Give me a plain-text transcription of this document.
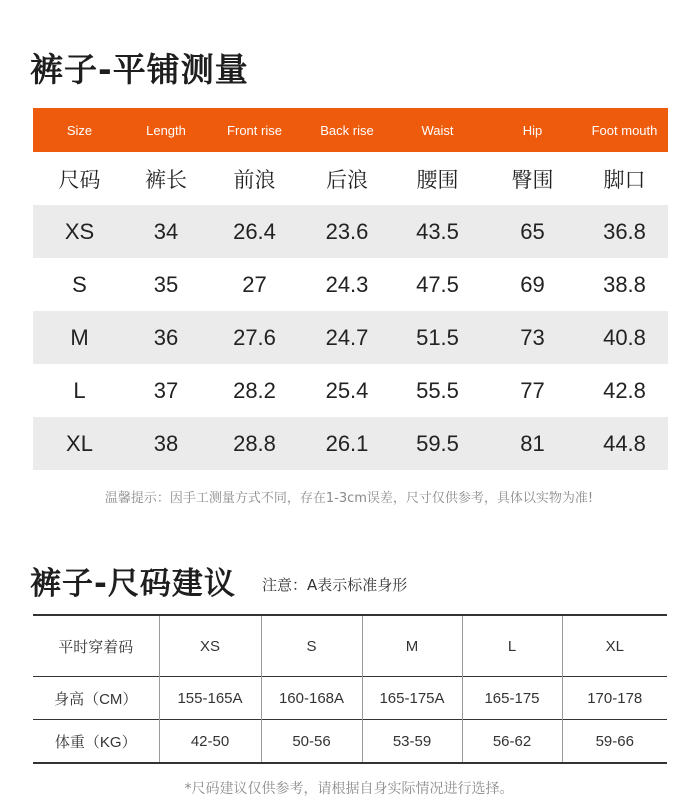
裤子-平铺测量
Size	Length	Front rise	Back rise	Waist	Hip	Foot mouth
尺码	裤长	前浪	后浪	腰围	臀围	脚口
XS	34	26.4	23.6	43.5	65	36.8
S	35	27	24.3	47.5	69	38.8
M	36	27.6	24.7	51.5	73	40.8
L	37	28.2	25.4	55.5	77	42.8
XL	38	28.8	26.1	59.5	81	44.8
温馨提示：因手工测量方式不同，存在1-3cm误差，尺寸仅供参考，具体以实物为准!
裤子-尺码建议 注意：A表示标准身形
平时穿着码	XS	S	M	L	XL
身高（CM）	155-165A	160-168A	165-175A	165-175	170-178
体重（KG）	42-50	50-56	53-59	56-62	59-66
*尺码建议仅供参考，请根据自身实际情况进行选择。
